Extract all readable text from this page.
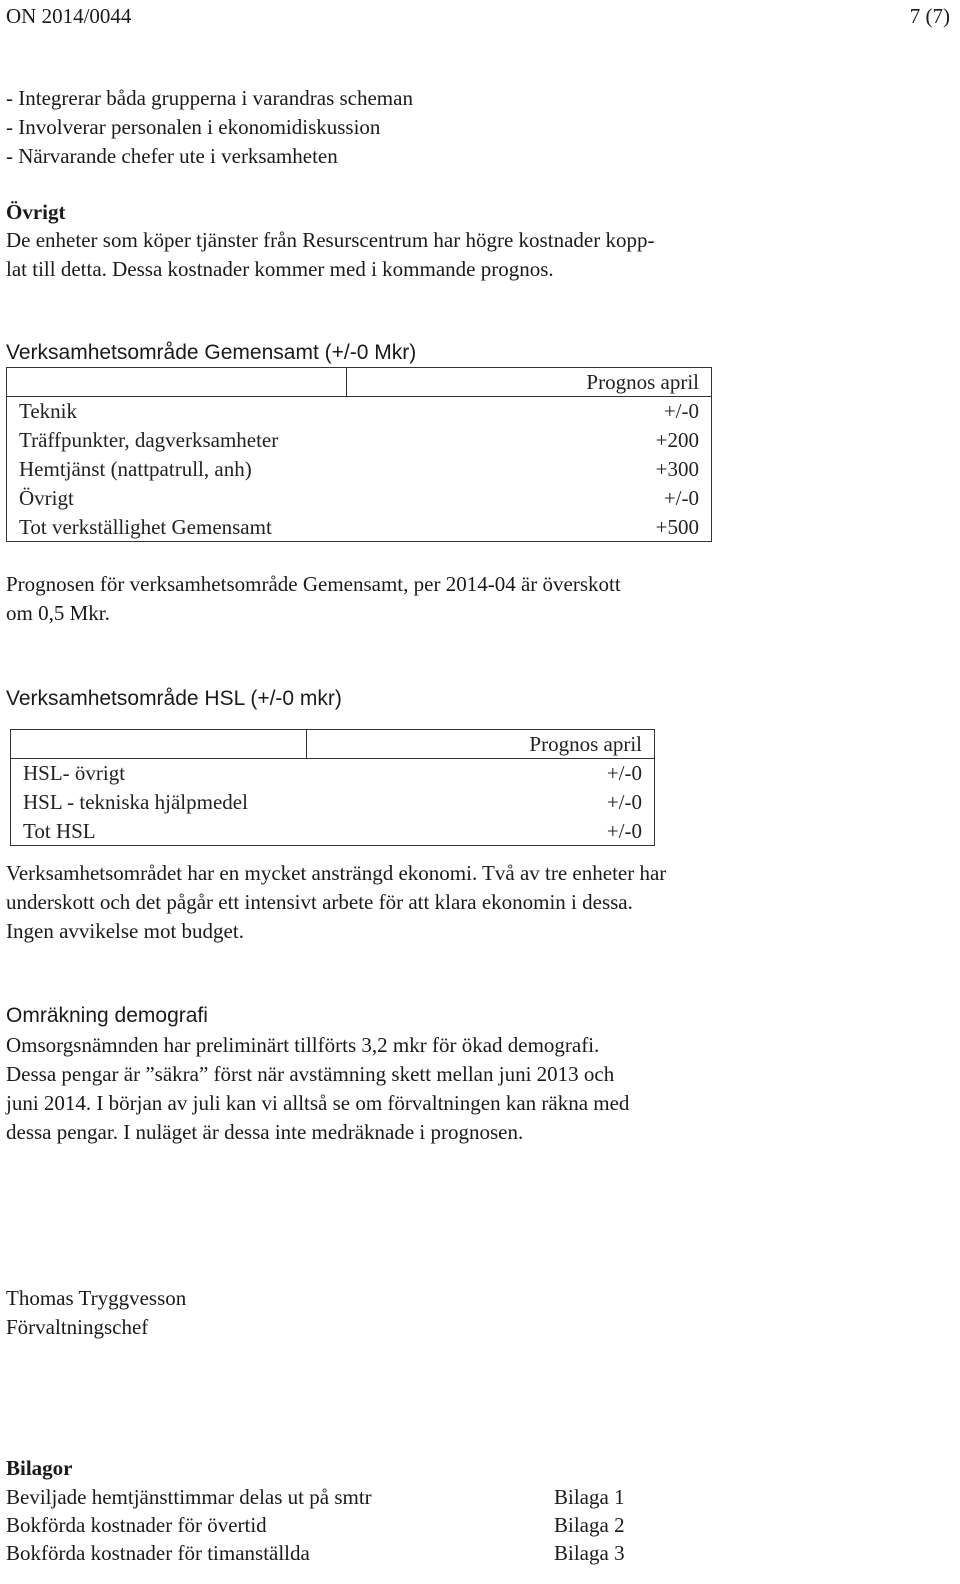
ON 2014/0044	7 (7)
- Integrerar båda grupperna i varandras scheman
- Involverar personalen i ekonomidiskussion
- Närvarande chefer ute i verksamheten
Övrigt
De enheter som köper tjänster från Resurscentrum har högre kostnader kopp-
lat till detta. Dessa kostnader kommer med i kommande prognos.
Verksamhetsområde Gemensamt (+/-0 Mkr)
	Prognos april
Teknik	+/-0
Träffpunkter, dagverksamheter	+200
Hemtjänst (nattpatrull, anh)	+300
Övrigt	+/-0
Tot verkställighet Gemensamt	+500
Prognosen för verksamhetsområde Gemensamt, per 2014-04 är överskott
om 0,5 Mkr.
Verksamhetsområde HSL (+/-0 mkr)
	Prognos april
HSL- övrigt	+/-0
HSL - tekniska hjälpmedel	+/-0
Tot HSL	+/-0
Verksamhetsområdet har en mycket ansträngd ekonomi. Två av tre enheter har
underskott och det pågår ett intensivt arbete för att klara ekonomin i dessa.
Ingen avvikelse mot budget.
Omräkning demografi
Omsorgsnämnden har preliminärt tillförts 3,2 mkr för ökad demografi.
Dessa pengar är ”säkra” först när avstämning skett mellan juni 2013 och
juni 2014. I början av juli kan vi alltså se om förvaltningen kan räkna med
dessa pengar. I nuläget är dessa inte medräknade i prognosen.
Thomas Tryggvesson
Förvaltningschef
Bilagor
Beviljade hemtjänsttimmar delas ut på smtr	Bilaga 1
Bokförda kostnader för övertid	Bilaga 2
Bokförda kostnader för timanställda	Bilaga 3
